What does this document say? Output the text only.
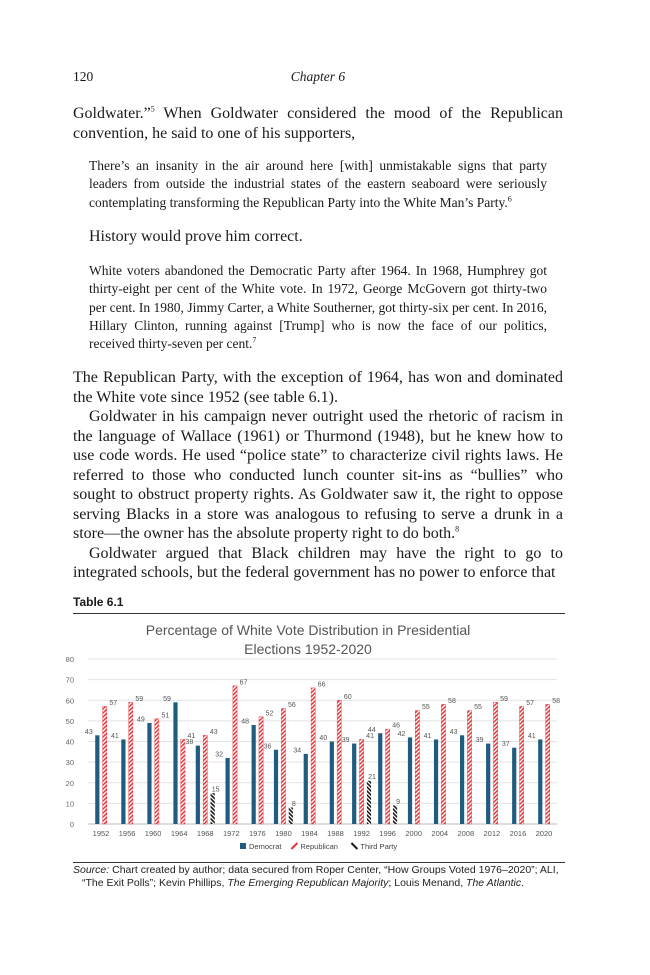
120	Chapter 6

Goldwater.”$^5$ When Goldwater considered the mood of the Republican convention, he said to one of his supporters,

There’s an insanity in the air around here [with] unmistakable signs that party leaders from outside the industrial states of the eastern seaboard were seriously contemplating transforming the Republican Party into the White Man’s Party.$^6$

History would prove him correct.

White voters abandoned the Democratic Party after 1964. In 1968, Humphrey got thirty-eight per cent of the White vote. In 1972, George McGovern got thirty-two per cent. In 1980, Jimmy Carter, a White Southerner, got thirty-six per cent. In 2016, Hillary Clinton, running against [Trump] who is now the face of our politics, received thirty-seven per cent.$^7$

The Republican Party, with the exception of 1964, has won and dominated the White vote since 1952 (see table 6.1).

Goldwater in his campaign never outright used the rhetoric of racism in the language of Wallace (1961) or Thurmond (1948), but he knew how to use code words. He used “police state” to characterize civil rights laws. He referred to those who conducted lunch counter sit-ins as “bullies” who sought to obstruct property rights. As Goldwater saw it, the right to oppose serving Blacks in a store was analogous to refusing to serve a drunk in a store—the owner has the absolute property right to do both.$^8$

Goldwater argued that Black children may have the right to go to integrated schools, but the federal government has no power to enforce that

Table 6.1
Percentage of White Vote Distribution in Presidential
Elections 1952-2020
0
10
20
30
40
50
60
70
80
43
57
41
59
49
51
59
41
38
43
15
32
67
48
52
36
56
8
34
66
40
60
39
41
21
44
46
9
42
55
41
58
43
55
39
59
37
57
41
58
1952 1956 1960 1964 1968 1972 1976 1980 1984 1988 1992 1996 2000 2004 2008 2012 2016 2020
Democrat	Republican	Third Party
Source: Chart created by author; data secured from Roper Center, “How Groups Voted 1976–2020”; ALI, “The Exit Polls”; Kevin Phillips, The Emerging Republican Majority; Louis Menand, The Atlantic.
